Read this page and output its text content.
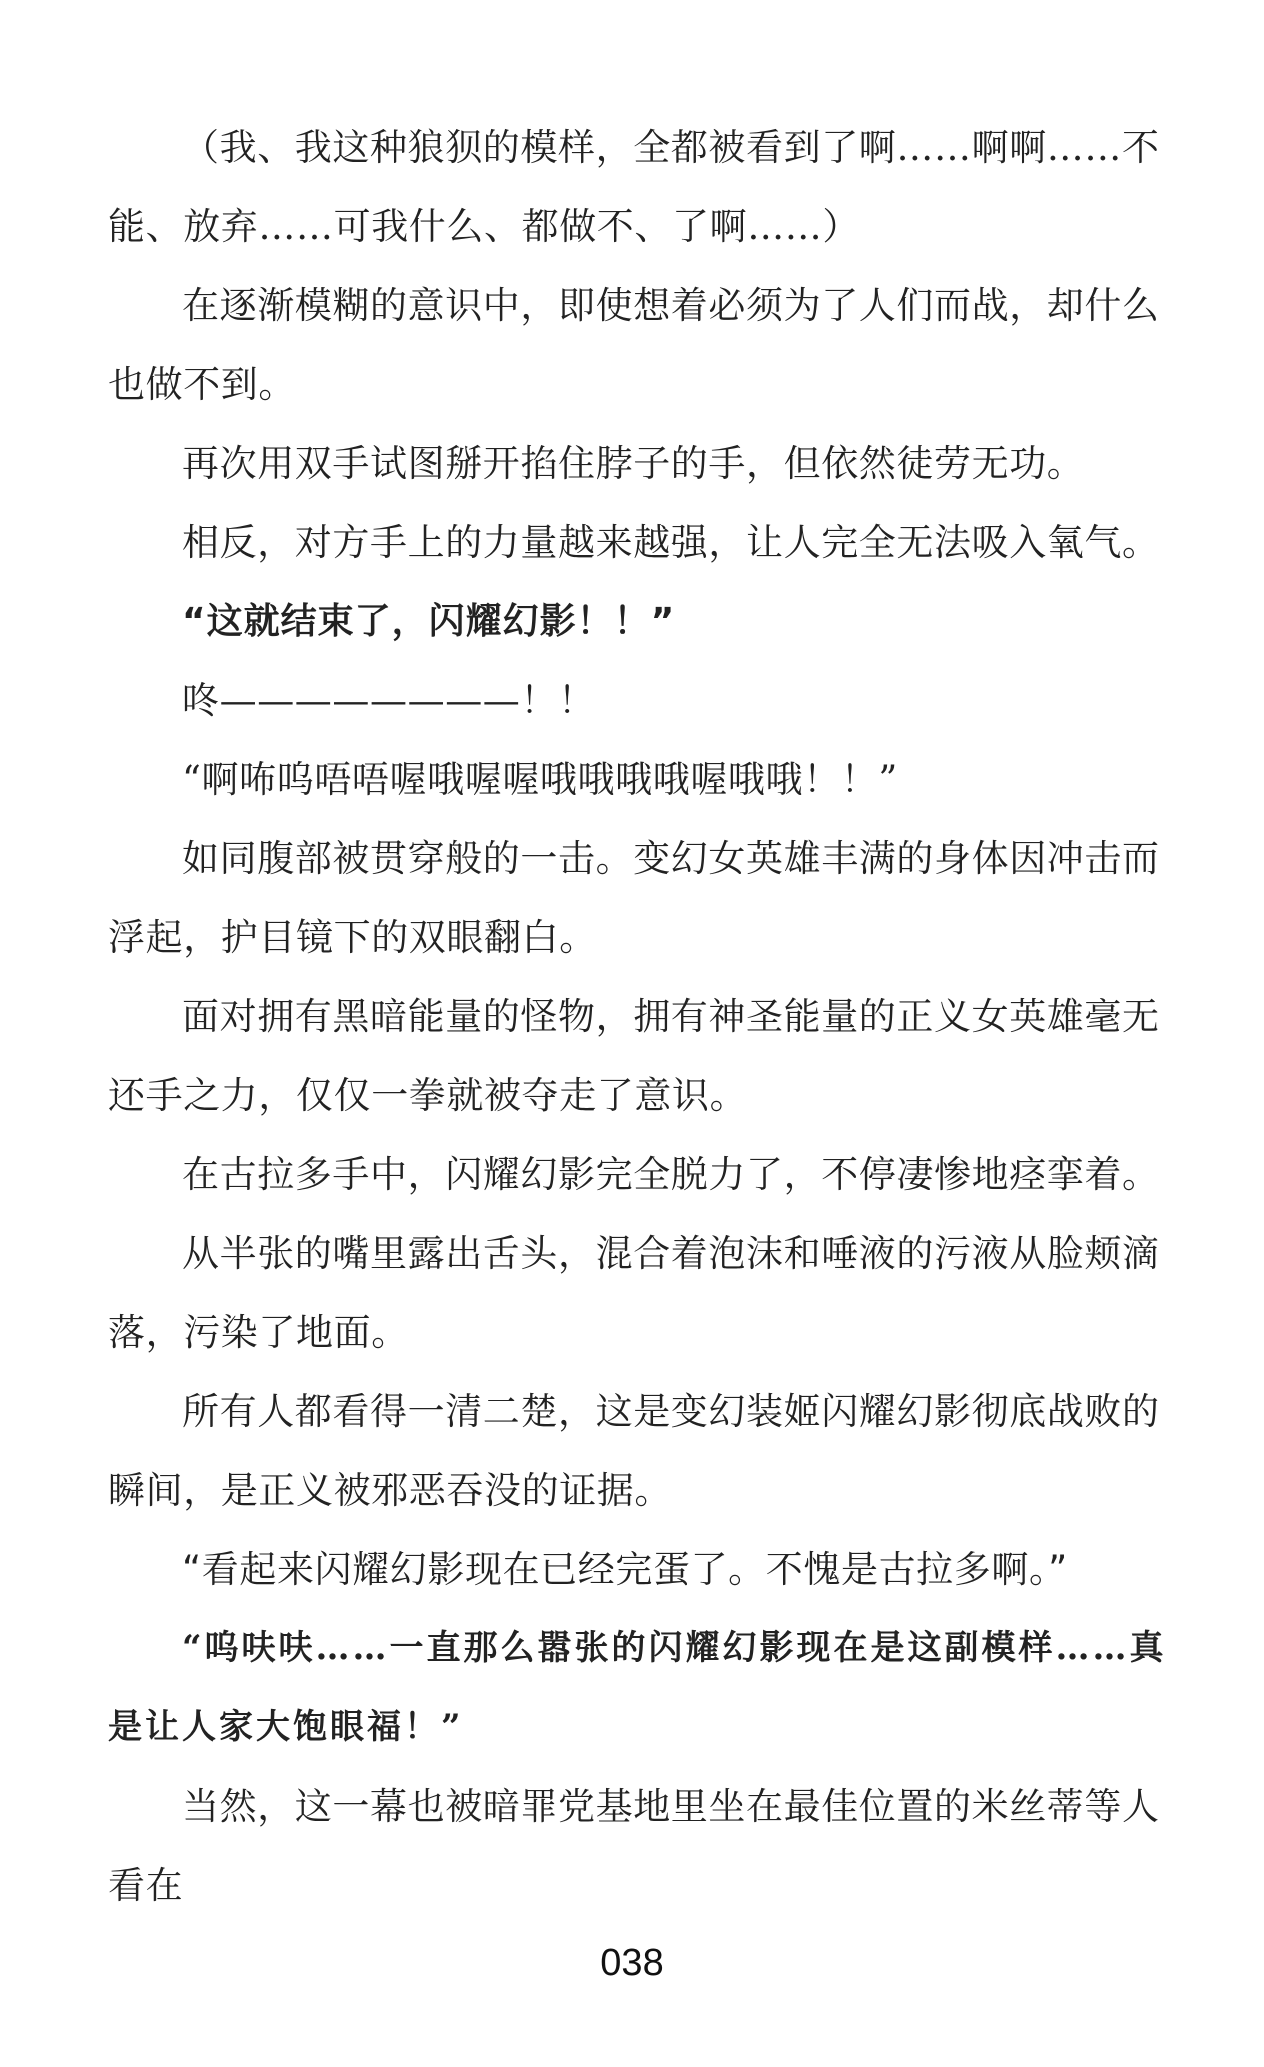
（我、我这种狼狈的模样，全都被看到了啊……啊啊……不能、放弃……可我什么、都做不、了啊……）

在逐渐模糊的意识中，即使想着必须为了人们而战，却什么也做不到。

再次用双手试图掰开掐住脖子的手，但依然徒劳无功。

相反，对方手上的力量越来越强，让人完全无法吸入氧气。

“这就结束了，闪耀幻影！！”

咚————————！！

“啊咘呜唔唔喔哦喔喔哦哦哦哦喔哦哦！！”

如同腹部被贯穿般的一击。变幻女英雄丰满的身体因冲击而浮起，护目镜下的双眼翻白。

面对拥有黑暗能量的怪物，拥有神圣能量的正义女英雄毫无还手之力，仅仅一拳就被夺走了意识。

在古拉多手中，闪耀幻影完全脱力了，不停凄惨地痉挛着。

从半张的嘴里露出舌头，混合着泡沫和唾液的污液从脸颊滴落，污染了地面。

所有人都看得一清二楚，这是变幻装姬闪耀幻影彻底战败的瞬间，是正义被邪恶吞没的证据。

“看起来闪耀幻影现在已经完蛋了。不愧是古拉多啊。”

“呜呋呋……一直那么嚣张的闪耀幻影现在是这副模样……真是让人家大饱眼福！”

当然，这一幕也被暗罪党基地里坐在最佳位置的米丝蒂等人看在

038
